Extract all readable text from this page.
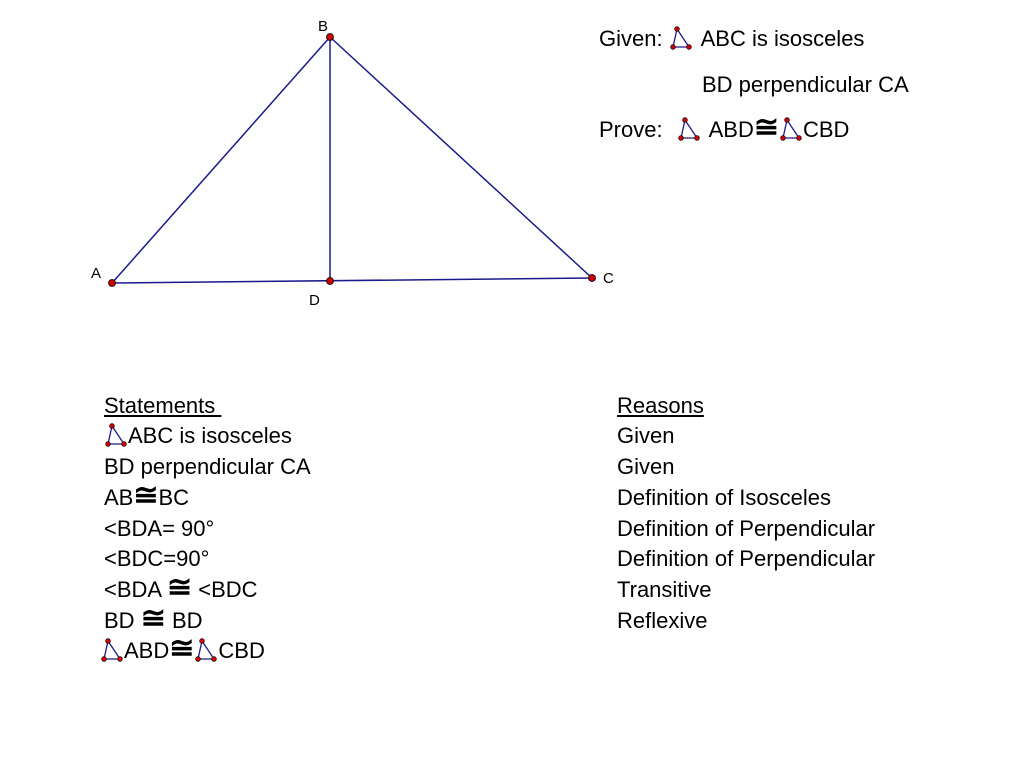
A
B
C
D
Given: ABC is isosceles
BD perpendicular CA
Prove: ABD ≅ CBD
Statements	Reasons
ABC is isosceles
BD perpendicular CA
AB ≅ BC
<BDA= 90°
<BDC=90°
<BDA ≅ <BDC
BD ≅ BD
ABD ≅ CBD
Given
Given
Definition of Isosceles
Definition of Perpendicular
Definition of Perpendicular
Transitive
Reflexive
